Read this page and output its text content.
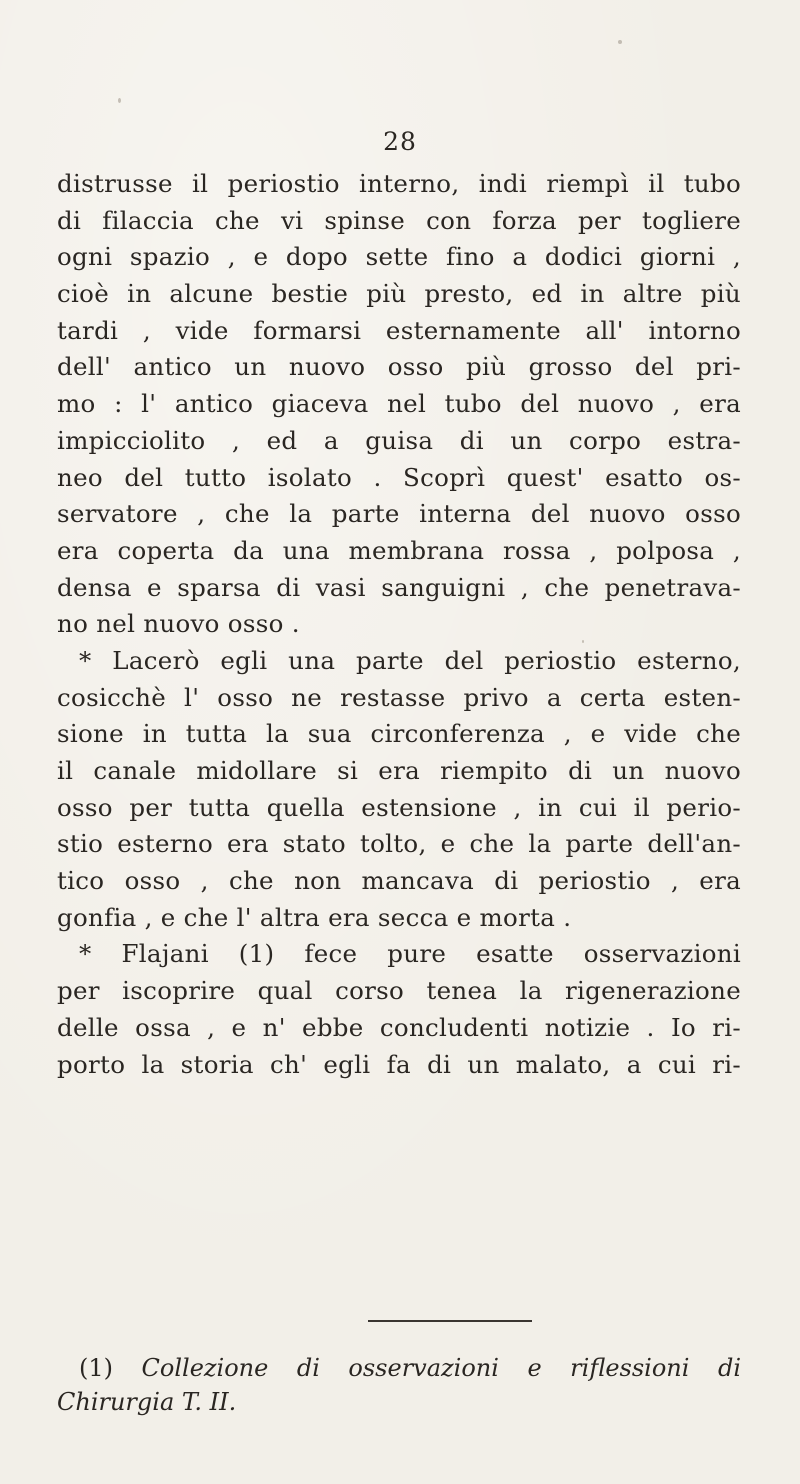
28
distrusse il periostio interno, indi riempì il tubo
di filaccia che vi spinse con forza per togliere
ogni spazio , e dopo sette fino a dodici giorni ,
cioè in alcune bestie più presto, ed in altre più
tardi , vide formarsi esternamente all' intorno
dell' antico un nuovo osso più grosso del pri-
mo : l' antico giaceva nel tubo del nuovo , era
impicciolito , ed a guisa di un corpo estra-
neo del tutto isolato . Scoprì quest' esatto os-
servatore , che la parte interna del nuovo osso
era coperta da una membrana rossa , polposa ,
densa e sparsa di vasi sanguigni , che penetrava-
no nel nuovo osso .
* Lacerò egli una parte del periostio esterno,
cosicchè l' osso ne restasse privo a certa esten-
sione in tutta la sua circonferenza , e vide che
il canale midollare si era riempito di un nuovo
osso per tutta quella estensione , in cui il perio-
stio esterno era stato tolto, e che la parte dell'an-
tico osso , che non mancava di periostio , era
gonfia , e che l' altra era secca e morta .
* Flajani (1) fece pure esatte osservazioni
per iscoprire qual corso tenea la rigenerazione
delle ossa , e n' ebbe concludenti notizie . Io ri-
porto la storia ch' egli fa di un malato, a cui ri-
(1) Collezione di osservazioni e riflessioni di
Chirurgia T. II.
